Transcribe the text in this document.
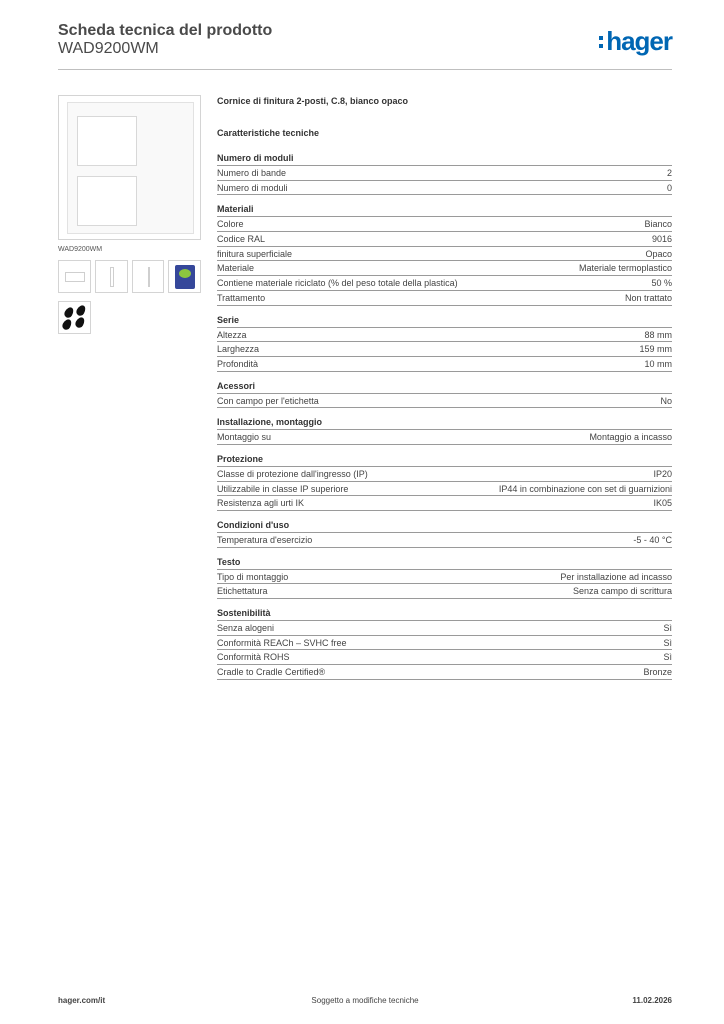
Scheda tecnica del prodotto
WAD9200WM	hager
WAD9200WM
Cornice di finitura 2-posti, C.8, bianco opaco
Caratteristiche tecniche
Numero di moduli
Numero di bande	2
Numero di moduli	0
Materiali
Colore	Bianco
Codice RAL	9016
finitura superficiale	Opaco
Materiale	Materiale termoplastico
Contiene materiale riciclato (% del peso totale della plastica)	50 %
Trattamento	Non trattato
Serie
Altezza	88 mm
Larghezza	159 mm
Profondità	10 mm
Acessori
Con campo per l'etichetta	No
Installazione, montaggio
Montaggio su	Montaggio a incasso
Protezione
Classe di protezione dall'ingresso (IP)	IP20
Utilizzabile in classe IP superiore	IP44 in combinazione con set di guarnizioni
Resistenza agli urti IK	IK05
Condizioni d'uso
Temperatura d'esercizio	-5 - 40 °C
Testo
Tipo di montaggio	Per installazione ad incasso
Etichettatura	Senza campo di scrittura
Sostenibilità
Senza alogeni	Sì
Conformità REACh – SVHC free	Sì
Conformità ROHS	Sì
Cradle to Cradle Certified®	Bronze
hager.com/it	Soggetto a modifiche tecniche	11.02.2026
